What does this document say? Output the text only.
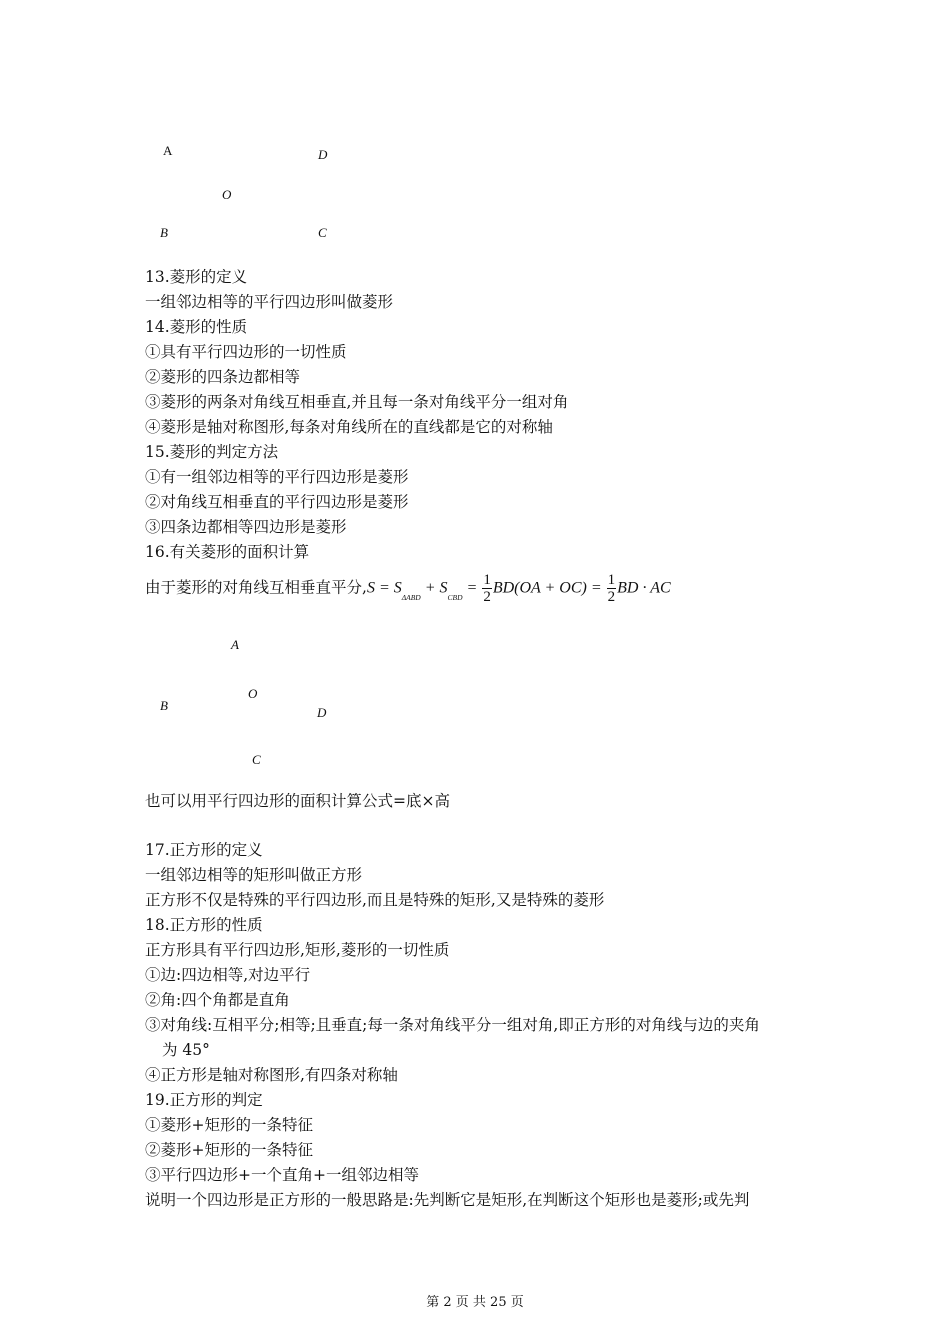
A	D
O
B	C
13.菱形的定义
一组邻边相等的平行四边形叫做菱形
14.菱形的性质
①具有平行四边形的一切性质
②菱形的四条边都相等
③菱形的两条对角线互相垂直,并且每一条对角线平分一组对角
④菱形是轴对称图形,每条对角线所在的直线都是它的对称轴
15.菱形的判定方法
①有一组邻边相等的平行四边形是菱形
②对角线互相垂直的平行四边形是菱形
③四条边都相等四边形是菱形
16.有关菱形的面积计算
由于菱形的对角线互相垂直平分$,S = S_{\Delta ABD} + S_{CBD} = \frac{1}{2} BD(OA + OC) = \frac{1}{2}$ BD · AC
A
O
B	D
C
也可以用平行四边形的面积计算公式=底×高
17.正方形的定义
一组邻边相等的矩形叫做正方形
正方形不仅是特殊的平行四边形,而且是特殊的矩形,又是特殊的菱形
18.正方形的性质
正方形具有平行四边形,矩形,菱形的一切性质
①边:四边相等,对边平行
②角:四个角都是直角
③对角线:互相平分;相等;且垂直;每一条对角线平分一组对角,即正方形的对角线与边的夹角
为 45°
④正方形是轴对称图形,有四条对称轴
19.正方形的判定
①菱形+矩形的一条特征
②菱形+矩形的一条特征
③平行四边形+一个直角+一组邻边相等
说明一个四边形是正方形的一般思路是:先判断它是矩形,在判断这个矩形也是菱形;或先判
第 2 页 共 25 页
